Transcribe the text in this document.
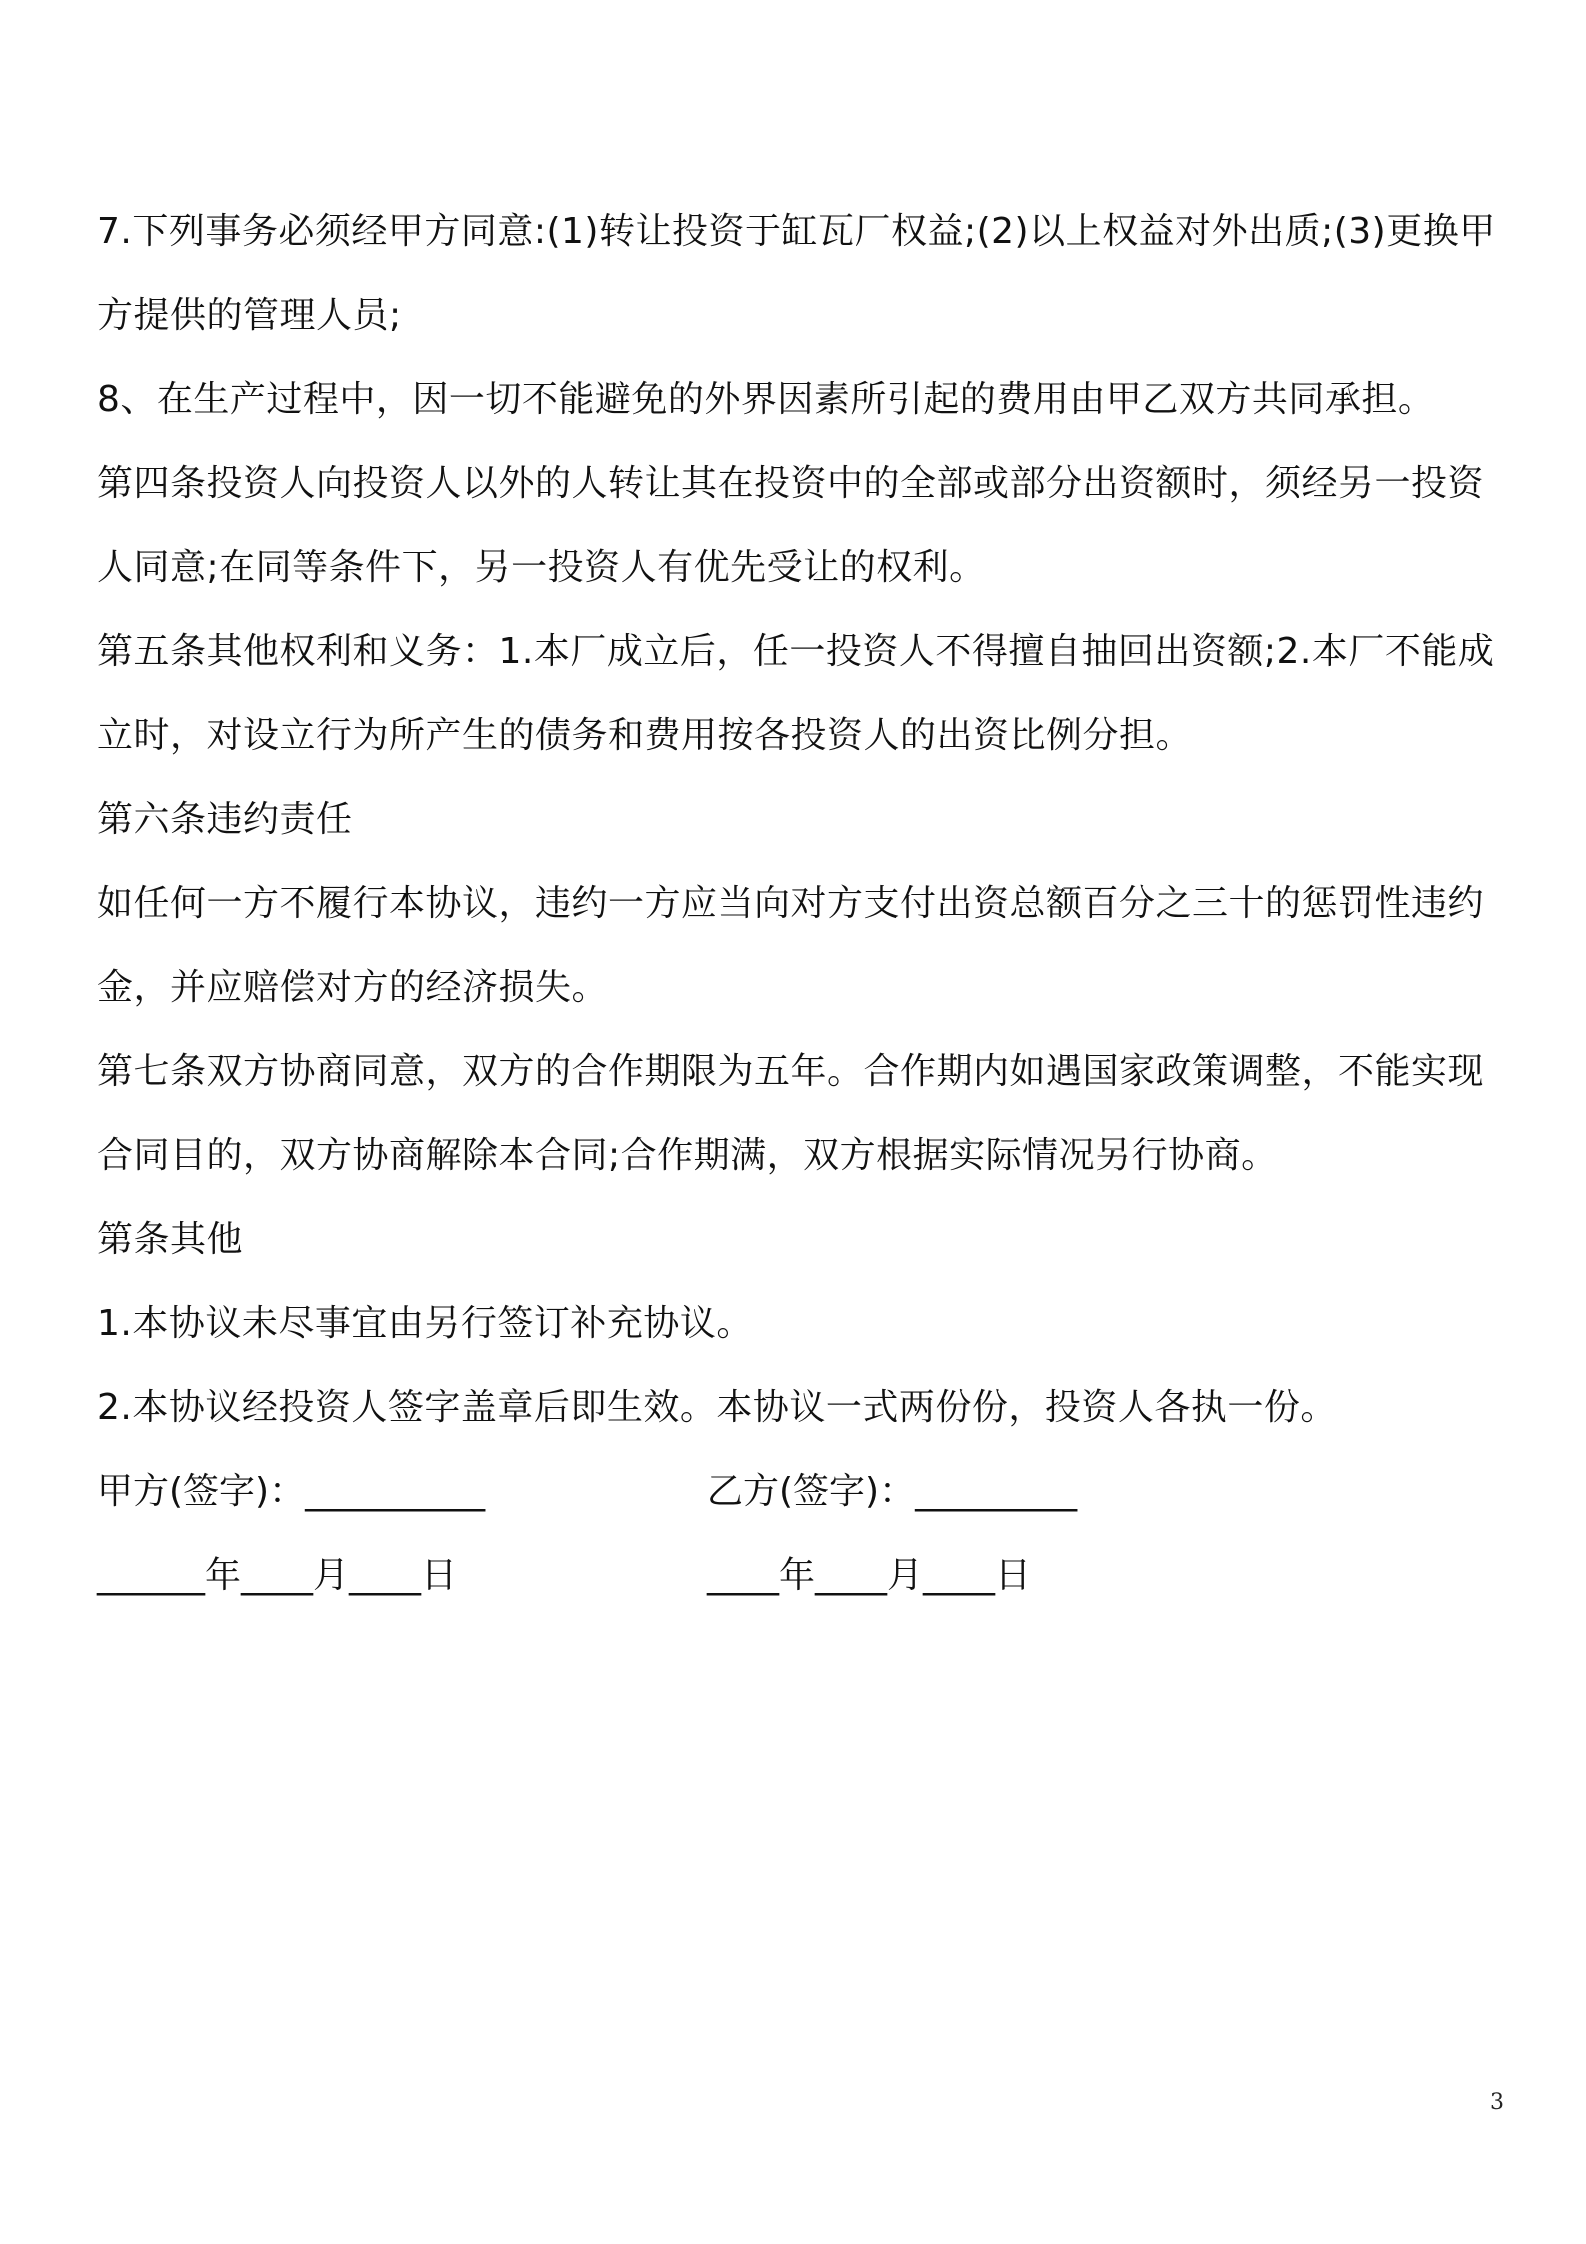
7.下列事务必须经甲方同意:(1)转让投资于缸瓦厂权益;(2)以上权益对外出质;(3)更换甲方提供的管理人员;

8、在生产过程中，因一切不能避免的外界因素所引起的费用由甲乙双方共同承担。

第四条投资人向投资人以外的人转让其在投资中的全部或部分出资额时，须经另一投资人同意;在同等条件下，另一投资人有优先受让的权利。

第五条其他权利和义务：1.本厂成立后，任一投资人不得擅自抽回出资额;2.本厂不能成立时，对设立行为所产生的债务和费用按各投资人的出资比例分担。

第六条违约责任

如任何一方不履行本协议，违约一方应当向对方支付出资总额百分之三十的惩罚性违约金，并应赔偿对方的经济损失。

第七条双方协商同意，双方的合作期限为五年。合作期内如遇国家政策调整，不能实现合同目的，双方协商解除本合同;合作期满，双方根据实际情况另行协商。

第条其他

1.本协议未尽事宜由另行签订补充协议。

2.本协议经投资人签字盖章后即生效。本协议一式两份份，投资人各执一份。

甲方(签字)：__________	乙方(签字)：_________
______年____月____日	____年____月____日
3
